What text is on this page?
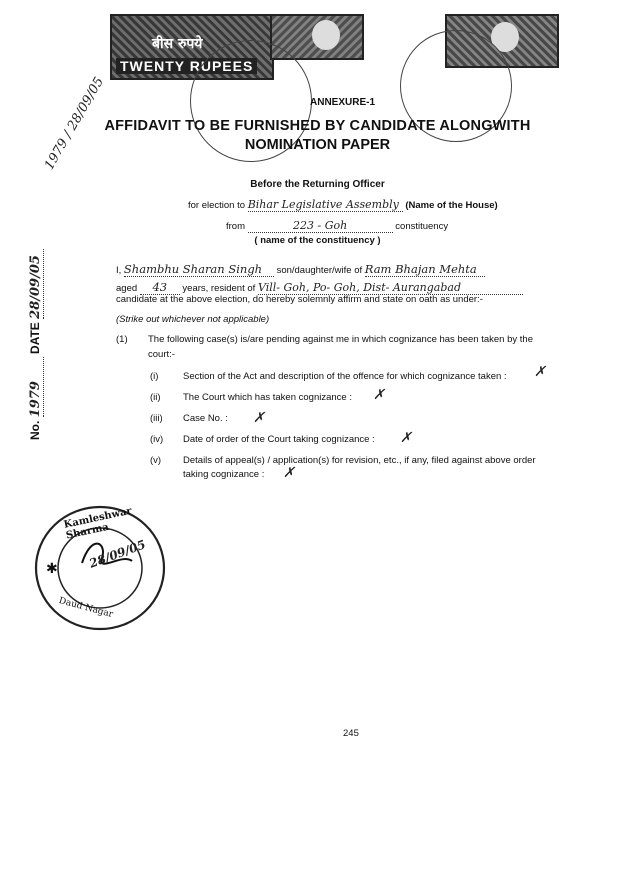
बीस रुपये
TWENTY RUPEES
1979 / 28/09/05	ANNEXURE-1
AFFIDAVIT TO BE FURNISHED BY CANDIDATE ALONGWITH
NOMINATION PAPER
Before the Returning Officer
for election to Bihar Legislative Assembly (Name of the House)
from	223 - Goh	constituency
( name of the constituency )
No. 1979 DATE 28/09/05	I, Shambhu Sharan Singh son/daughter/wife of Ram Bhajan Mehta
aged 43 years, resident of Vill- Goh, Po- Goh, Dist- Aurangabad
candidate at the above election, do hereby solemnly affirm and state on oath as under:-
(Strike out whichever not applicable)
(1) The following case(s) is/are pending against me in which cognizance has been taken by the
court:-
(i)	Section of the Act and description of the offence for which cognizance taken : ✗
(ii) The Court which has taken cognizance : ✗
(iii) Case No. : ✗
(iv) Date of order of the Court taking cognizance : ✗
(v) Details of appeal(s) / application(s) for revision, etc., if any, filed against above order
taking cognizance : ✗
✱
Kamleshwar Sharma
28/09/05
Daud Nagar
245
